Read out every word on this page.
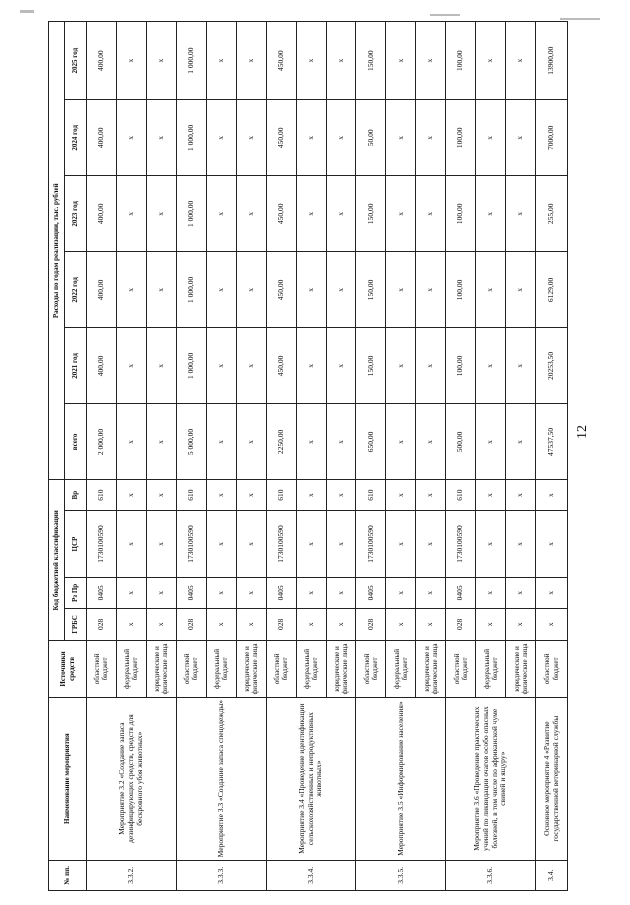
12
№ пп.	Наименование мероприятия	Источники средств	Код бюджетной классификации				Расходы по годам реализации, тыс. рублей					
			ГРБС	Рз Пр	ЦСР	Вр	всего	2021 год	2022 год	2023 год	2024 год	2025 год
3.3.2.	Мероприятие 3.2 «Создание запаса дезинфицирующих средств, средств для бескровного убоя животных»	областной бюджет	028	0405	1730100590	610	2 000,00	400,00	400,00	400,00	400,00	400,00
		федеральный бюджет	х	х	х	х	х	х	х	х	х	х
		юридические и физические лица	х	х	х	х	х	х	х	х	х	х
3.3.3.	Мероприятие 3.3 «Создание запаса спецодежды»	областной бюджет	028	0405	1730100590	610	5 000,00	1 000,00	1 000,00	1 000,00	1 000,00	1 000,00
		федеральный бюджет	х	х	х	х	х	х	х	х	х	х
		юридические и физические лица	х	х	х	х	х	х	х	х	х	х
3.3.4.	Мероприятие 3.4 «Проведение идентификации сельскохозяйственных и непродуктивных животных»	областной бюджет	028	0405	1730100590	610	2250,00	450,00	450,00	450,00	450,00	450,00
		федеральный бюджет	х	х	х	х	х	х	х	х	х	х
		юридические и физические лица	х	х	х	х	х	х	х	х	х	х
3.3.5.	Мероприятие 3.5 «Информирование населения»	областной бюджет	028	0405	1730100590	610	650,00	150,00	150,00	150,00	50,00	150,00
		федеральный бюджет	х	х	х	х	х	х	х	х	х	х
		юридические и физические лица	х	х	х	х	х	х	х	х	х	х
3.3.6.	Мероприятие 3.6 «Проведение практических учений по ликвидации очагов особо опасных болезней, в том числе по африканской чуме свиней и ящуру»	областной бюджет	028	0405	1730100590	610	500,00	100,00	100,00	100,00	100,00	100,00
		федеральный бюджет	х	х	х	х	х	х	х	х	х	х
		юридические и физические лица	х	х	х	х	х	х	х	х	х	х
3.4.	Основное мероприятие 4 «Развитие государственной ветеринарной службы	областной бюджет	х	х	х	х	47537,50	20253,50	6129,00	255,00	7000,00	13900,00
